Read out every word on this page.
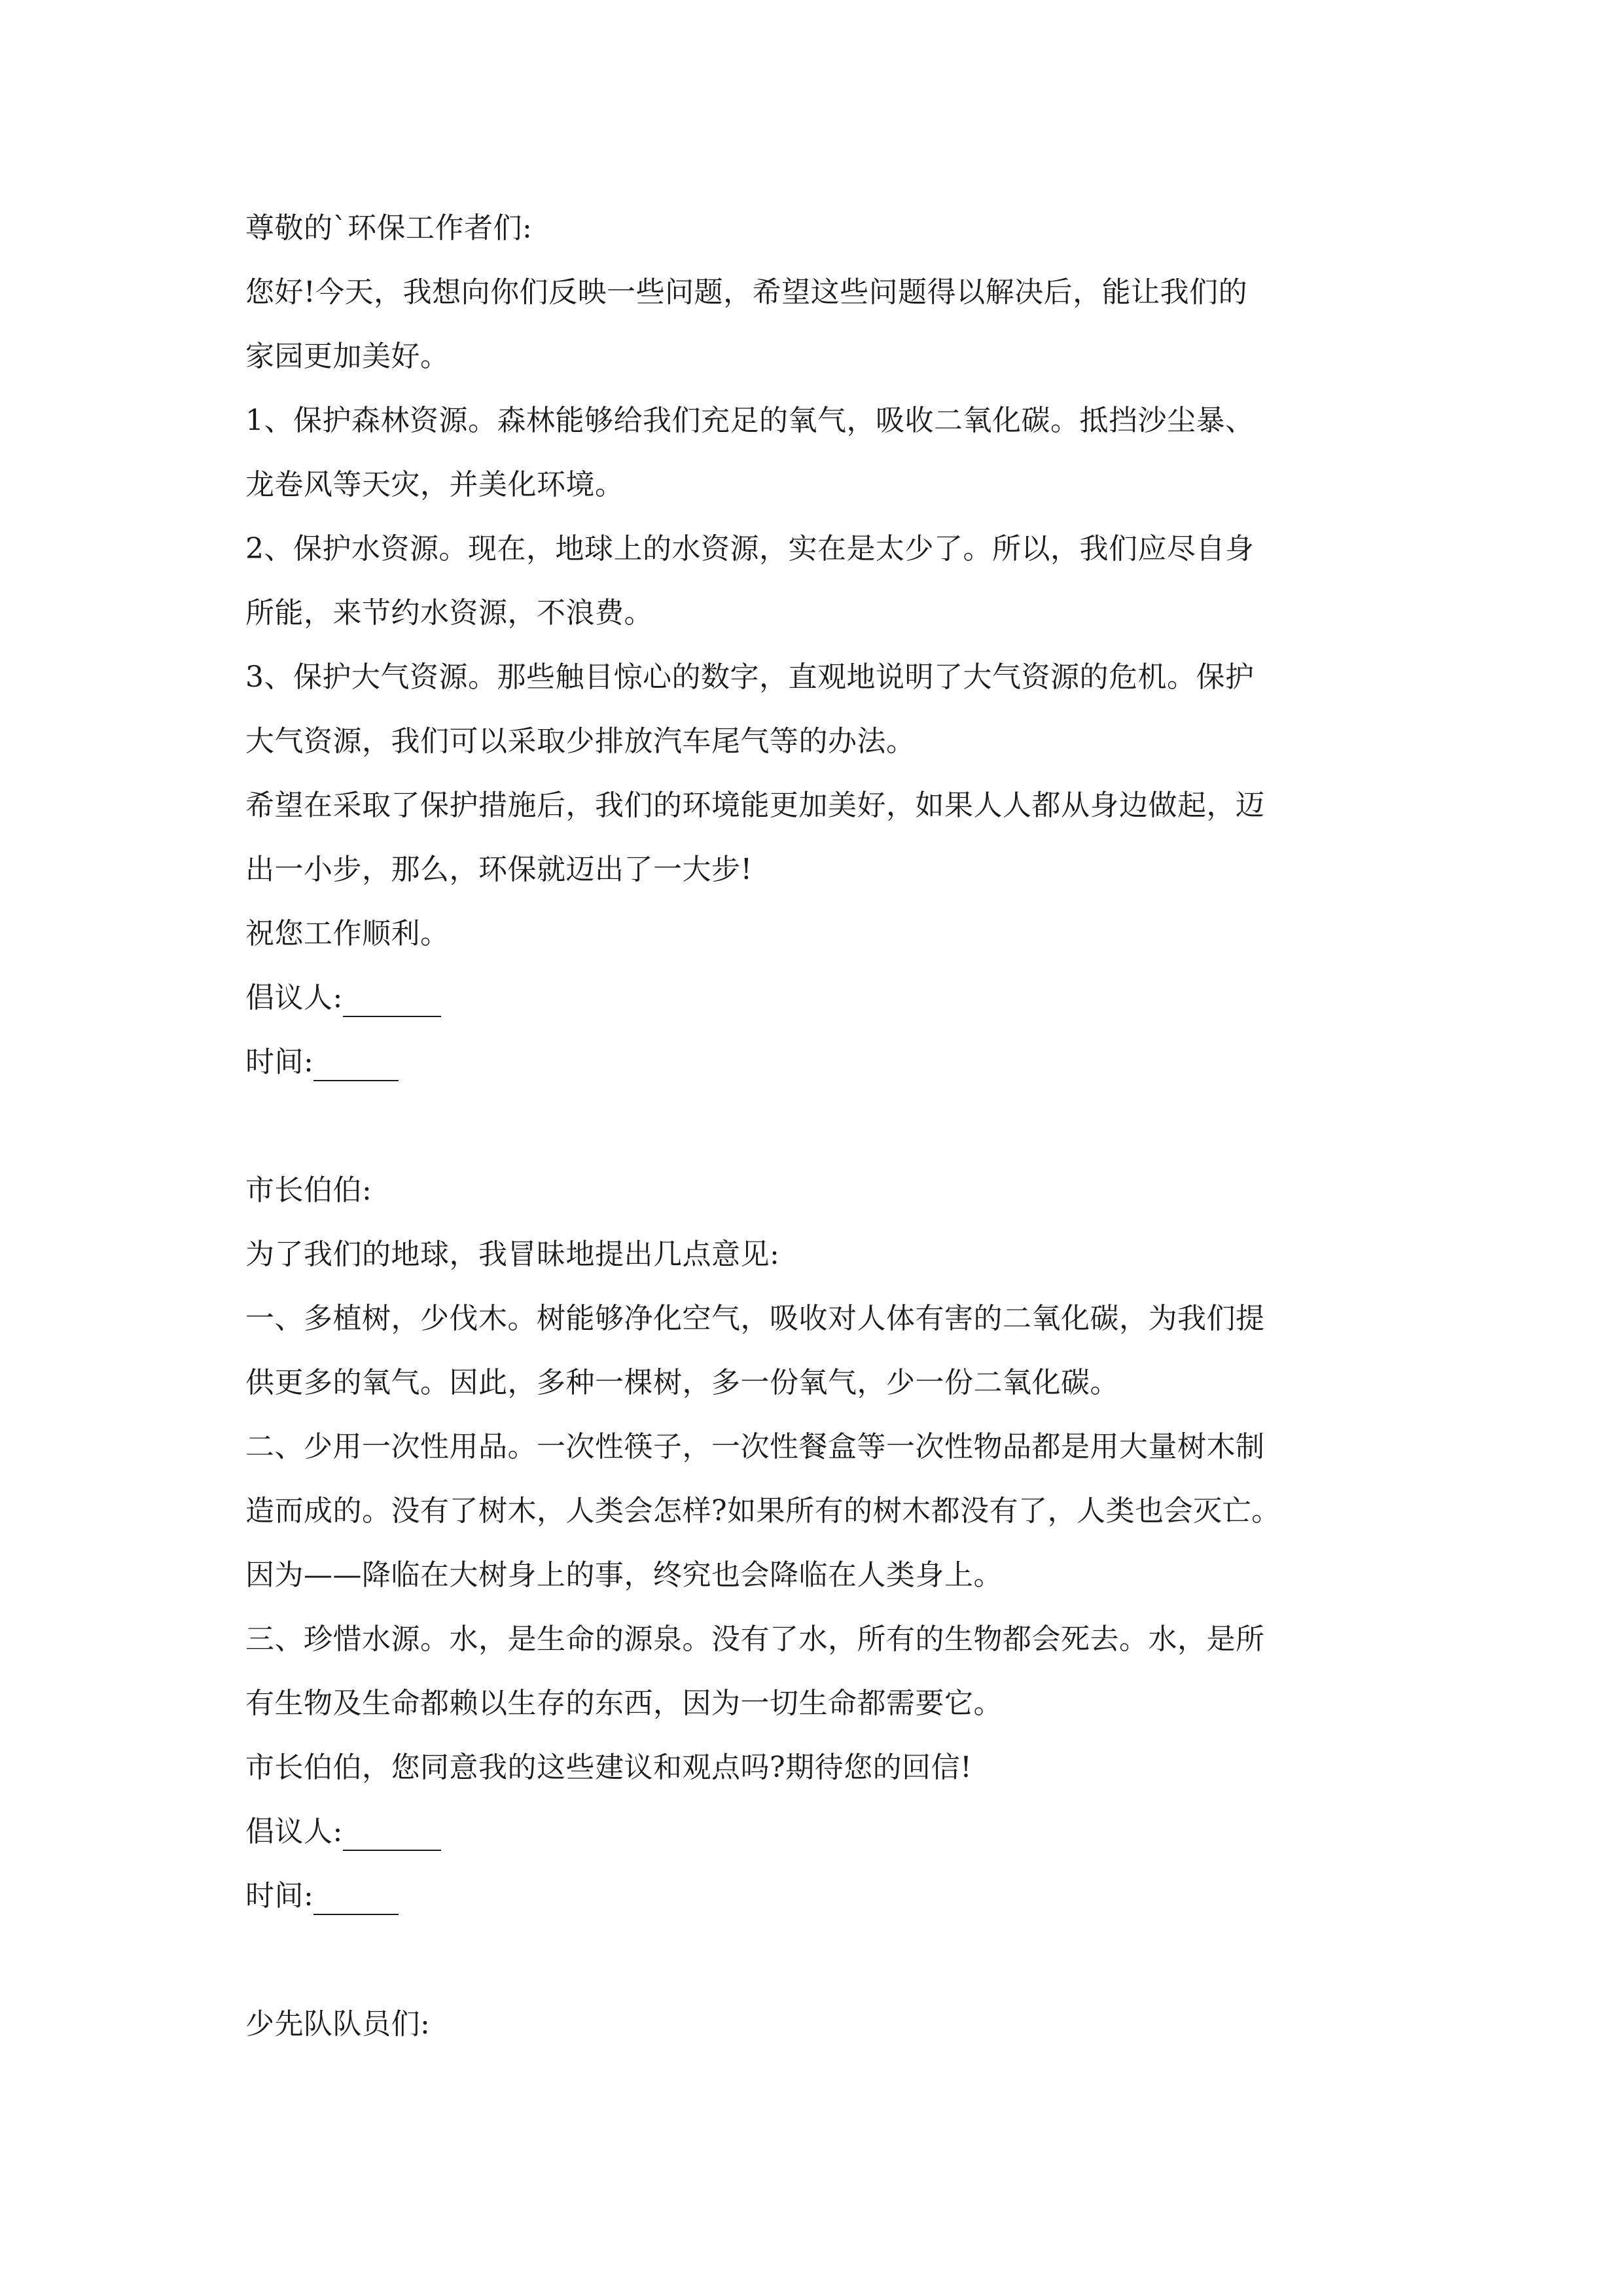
尊敬的`环保工作者们:
您好!今天，我想向你们反映一些问题，希望这些问题得以解决后，能让我们的
家园更加美好。
1、保护森林资源。森林能够给我们充足的氧气，吸收二氧化碳。抵挡沙尘暴、
龙卷风等天灾，并美化环境。
2、保护水资源。现在，地球上的水资源，实在是太少了。所以，我们应尽自身
所能，来节约水资源，不浪费。
3、保护大气资源。那些触目惊心的数字，直观地说明了大气资源的危机。保护
大气资源，我们可以采取少排放汽车尾气等的办法。
希望在采取了保护措施后，我们的环境能更加美好，如果人人都从身边做起，迈
出一小步，那么，环保就迈出了一大步!
祝您工作顺利。
倡议人:
时间:
市长伯伯:
为了我们的地球，我冒昧地提出几点意见:
一、多植树，少伐木。树能够净化空气，吸收对人体有害的二氧化碳，为我们提
供更多的氧气。因此，多种一棵树，多一份氧气，少一份二氧化碳。
二、少用一次性用品。一次性筷子，一次性餐盒等一次性物品都是用大量树木制
造而成的。没有了树木，人类会怎样?如果所有的树木都没有了，人类也会灭亡。
因为——降临在大树身上的事，终究也会降临在人类身上。
三、珍惜水源。水，是生命的源泉。没有了水，所有的生物都会死去。水，是所
有生物及生命都赖以生存的东西，因为一切生命都需要它。
市长伯伯，您同意我的这些建议和观点吗?期待您的回信!
倡议人:
时间:
少先队队员们:
